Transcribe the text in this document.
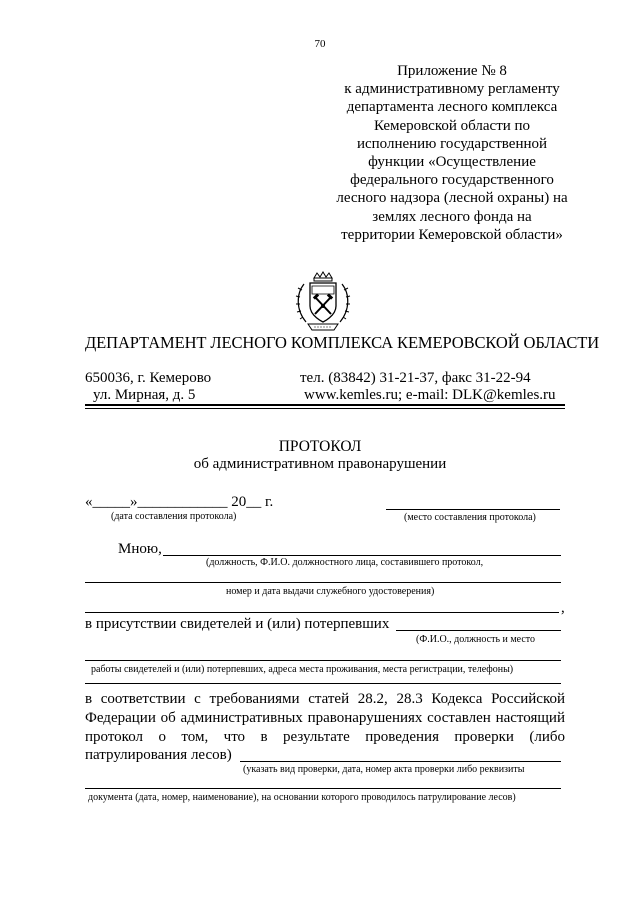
70
Приложение № 8
к административному регламенту
департамента лесного комплекса
Кемеровской области по
исполнению государственной
функции «Осуществление
федерального государственного
лесного надзора (лесной охраны) на
землях лесного фонда на
территории Кемеровской области»
ДЕПАРТАМЕНТ ЛЕСНОГО КОМПЛЕКСА КЕМЕРОВСКОЙ ОБЛАСТИ
650036, г. Кемерово
ул. Мирная, д. 5
тел. (83842) 31-21-37, факс 31-22-94
www.kemles.ru; e-mail: DLK@kemles.ru
ПРОТОКОЛ
об административном правонарушении
«_____»____________ 20__ г.
(дата составления протокола)	(место составления протокола)
Мною,
(должность, Ф.И.О. должностного лица, составившего протокол,
номер и дата выдачи служебного удостоверения)
,
в присутствии свидетелей и (или) потерпевших
(Ф.И.О., должность и место
работы свидетелей и (или) потерпевших, адреса места проживания, места регистрации, телефоны)
в соответствии с требованиями статей 28.2, 28.3 Кодекса Российской
Федерации об административных правонарушениях составлен настоящий
протокол о том, что в результате проведения проверки (либо
патрулирования лесов)
(указать вид проверки, дата, номер акта проверки либо реквизиты
документа (дата, номер, наименование), на основании которого проводилось патрулирование лесов)
